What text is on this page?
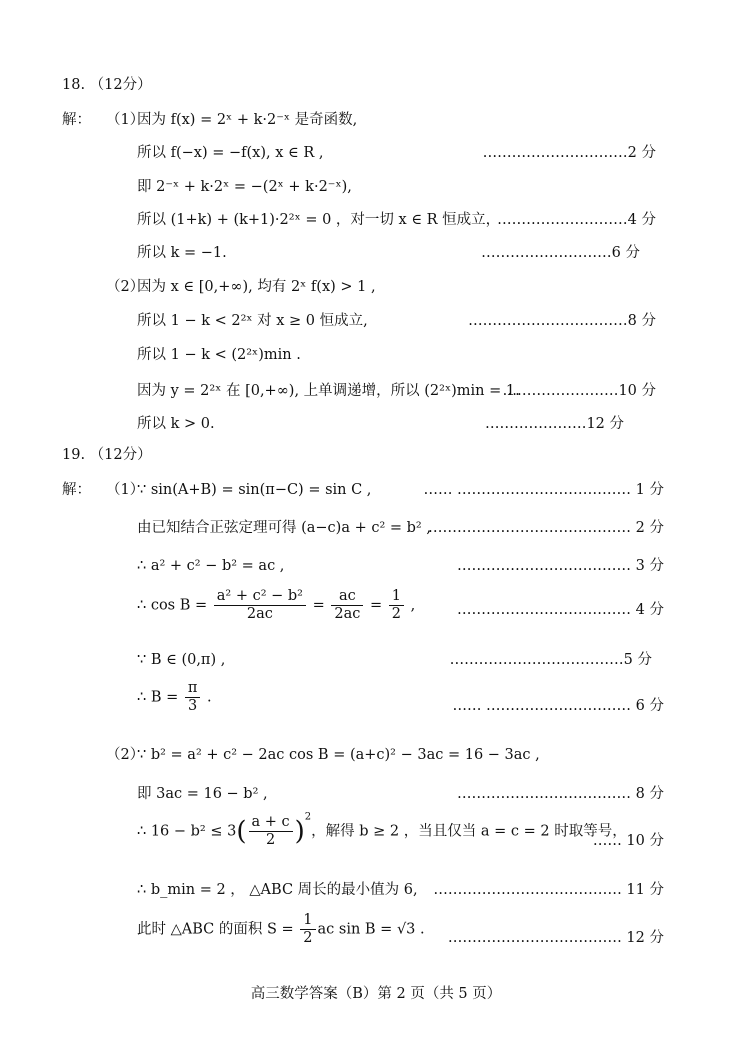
18. （12分）
解： （1）
因为 f(x) = 2ˣ + k·2⁻ˣ 是奇函数,
所以 f(−x) = −f(x), x ∈ R ,	…………………………2 分
即 2⁻ˣ + k·2ˣ = −(2ˣ + k·2⁻ˣ),
所以 (1+k) + (k+1)·2²ˣ = 0 ，对一切 x ∈ R 恒成立，
………………………4 分
所以 k = −1.	………………………6 分
（2）
因为 x ∈ [0,+∞), 均有 2ˣ f(x) > 1 ,
所以 1 − k < 2²ˣ 对 x ≥ 0 恒成立,	……………………………8 分
所以 1 − k < (2²ˣ)min .
因为 y = 2²ˣ 在 [0,+∞), 上单调递增，所以 (2²ˣ)min = 1.
……………………10 分
所以 k > 0.	…………………12 分
19. （12分）
解： （1）
∵ sin(A+B) = sin(π−C) = sin C ,	…… ……………………………… 1 分
由已知结合正弦定理可得 (a−c)a + c² = b² ,
…………………………………… 2 分
∴ a² + c² − b² = ac ,	……………………………… 3 分
∴ $\cos B = \frac{\text{a² + c² − b²}}{2ac} = \frac{ac}{2ac} = \frac{1}{2}$ ,	……………………………… 4 分
∵ B ∈ (0,π) ,	………………………………5 分
∴ $B = \frac{\pi}{3}$ .
…… ………………………… 6 分
（2）
∵ b² = a² + c² − 2ac cos B = (a+c)² − 3ac = 16 − 3ac ,
即 3ac = 16 − b² ,	……………………………… 8 分
∴ $16 - b^2 \le 3( \frac{a + c}{2} )^2$，解得 b ≥ 2 ，当且仅当 a = c = 2 时取等号，
…… 10 分
∴ b_min = 2 ， △ABC 周长的最小值为 6, ………………………………… 11 分
此时 △ABC 的面积 $S = \frac{1}{2}$ ac sin B = √3 .
……………………………… 12 分
高三数学答案（B）第 2 页（共 5 页）
